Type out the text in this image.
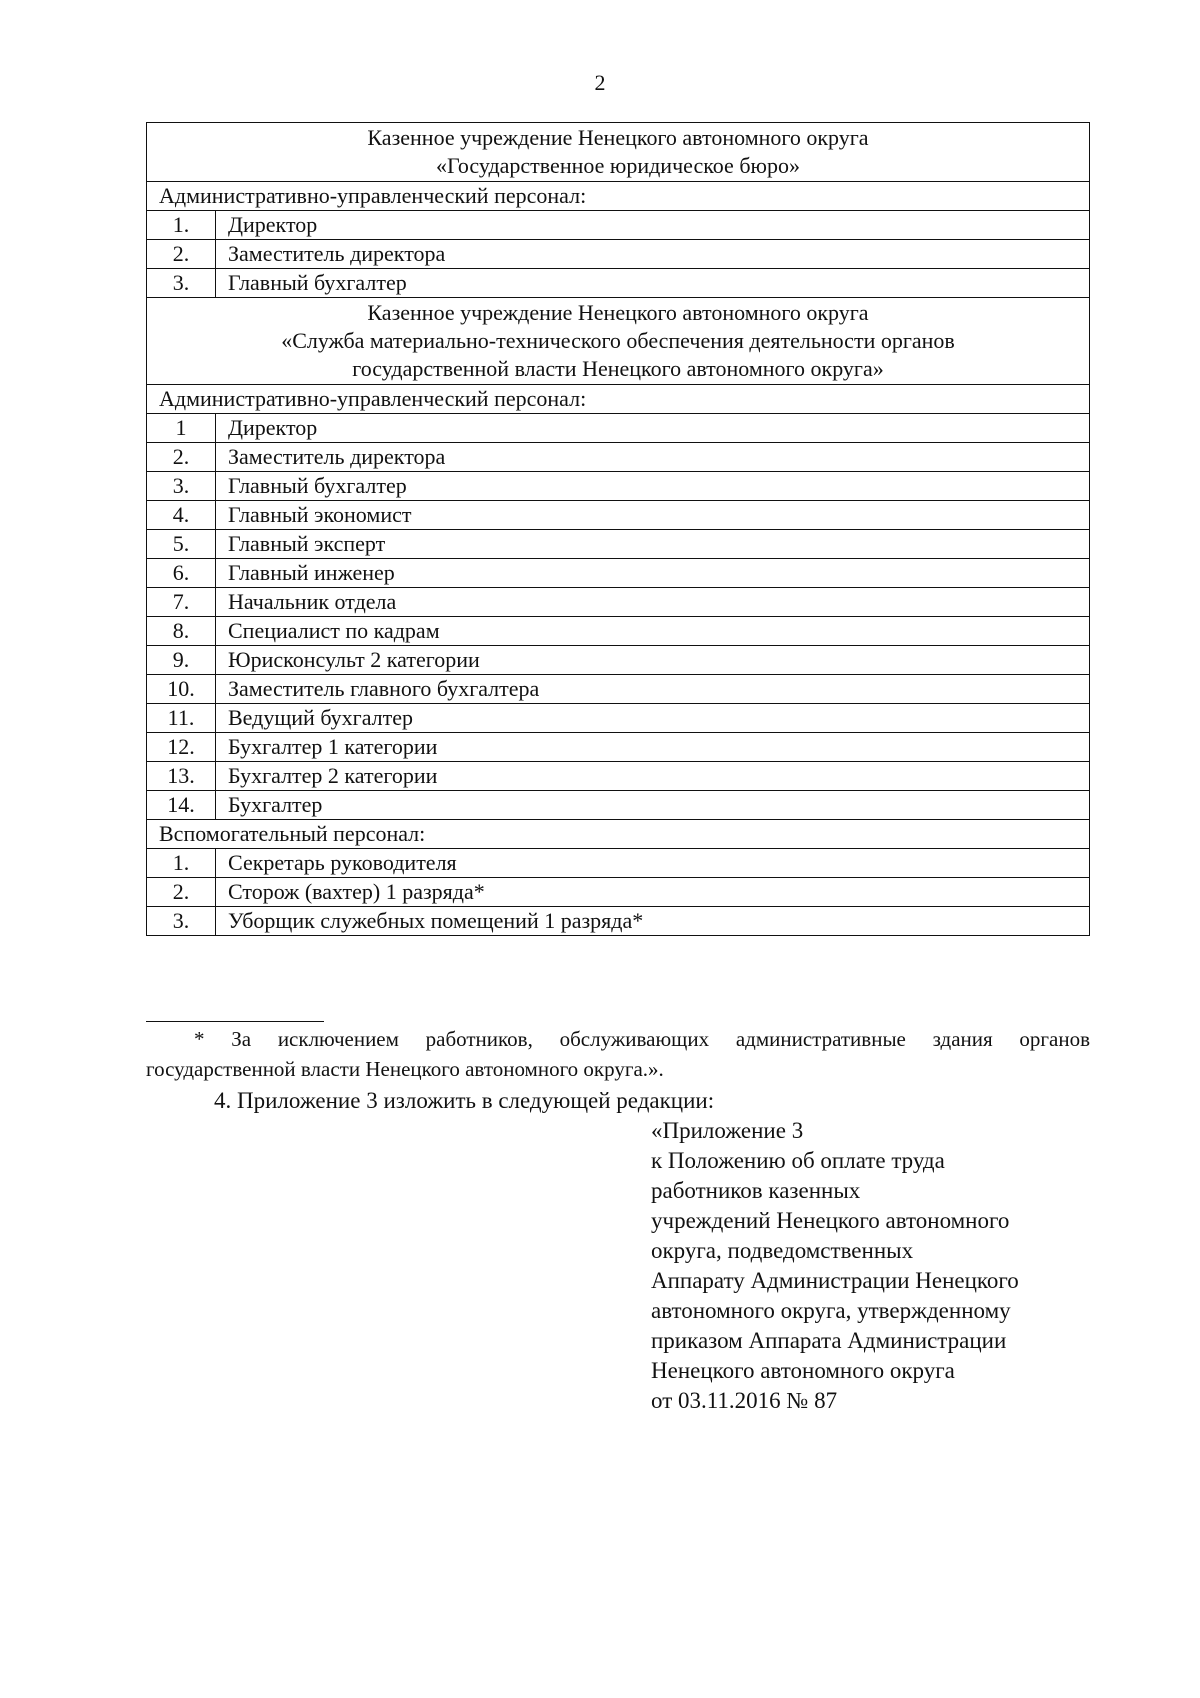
2
Казенное учреждение Ненецкого автономного округа
«Государственное юридическое бюро»	

Административно-управленческий персонал:	
1.	Директор
2.	Заместитель директора
3.	Главный бухгалтер

Казенное учреждение Ненецкого автономного округа
«Служба материально-технического обеспечения деятельности органов
государственной власти Ненецкого автономного округа»	

Административно-управленческий персонал:	
1	Директор
2.	Заместитель директора
3.	Главный бухгалтер
4.	Главный экономист
5.	Главный эксперт
6.	Главный инженер
7.	Начальник отдела
8.	Специалист по кадрам
9.	Юрисконсульт 2 категории
10.	Заместитель главного бухгалтера
11.	Ведущий бухгалтер
12.	Бухгалтер 1 категории
13.	Бухгалтер 2 категории
14.	Бухгалтер
Вспомогательный персонал:	
1.	Секретарь руководителя
2.	Сторож (вахтер) 1 разряда*
3.	Уборщик служебных помещений 1 разряда*
* За исключением работников, обслуживающих административные здания органов государственной власти Ненецкого автономного округа.».
4. Приложение 3 изложить в следующей редакции:
«Приложение 3
к Положению об оплате труда
работников казенных
учреждений Ненецкого автономного
округа, подведомственных
Аппарату Администрации Ненецкого
автономного округа, утвержденному
приказом Аппарата Администрации
Ненецкого автономного округа
от 03.11.2016 № 87
